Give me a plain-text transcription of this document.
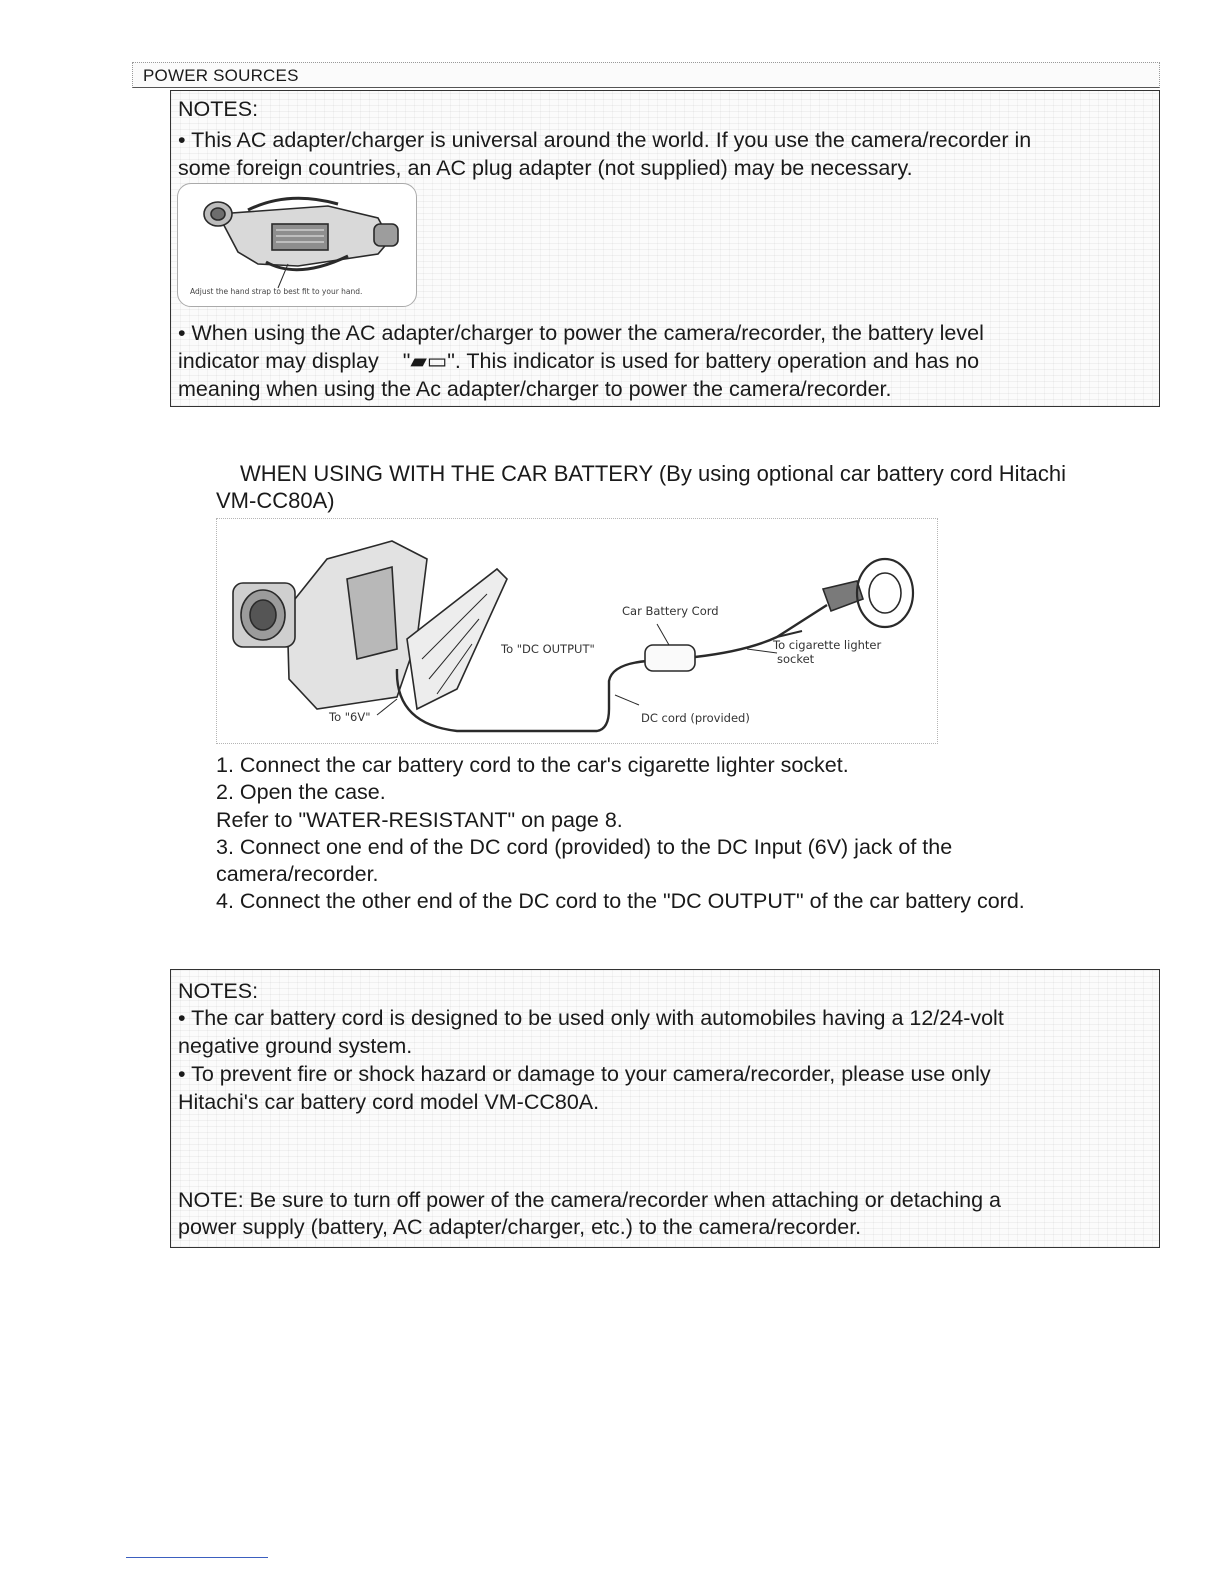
POWER SOURCES

NOTES:

• This AC adapter/charger is universal around the world. If you use the camera/recorder in

some foreign countries, an AC plug adapter (not supplied) may be necessary.

Adjust the hand strap to best fit to your hand.

• When using the AC adapter/charger to power the camera/recorder, the battery level

indicator may display "▰▭". This indicator is used for battery operation and has no

meaning when using the Ac adapter/charger to power the camera/recorder.

WHEN USING WITH THE CAR BATTERY (By using optional car battery cord Hitachi
VM-CC80A)
Car Battery Cord
To "DC OUTPUT"	To cigarette lighter
socket
To "6V"	DC cord (provided)
1. Connect the car battery cord to the car's cigarette lighter socket.
2. Open the case.
Refer to "WATER-RESISTANT" on page 8.
3. Connect one end of the DC cord (provided) to the DC Input (6V) jack of the
camera/recorder.
4. Connect the other end of the DC cord to the "DC OUTPUT" of the car battery cord.

NOTES:

• The car battery cord is designed to be used only with automobiles having a 12/24-volt

negative ground system.

• To prevent fire or shock hazard or damage to your camera/recorder, please use only

Hitachi's car battery cord model VM-CC80A.

NOTE: Be sure to turn off power of the camera/recorder when attaching or detaching a

power supply (battery, AC adapter/charger, etc.) to the camera/recorder.
